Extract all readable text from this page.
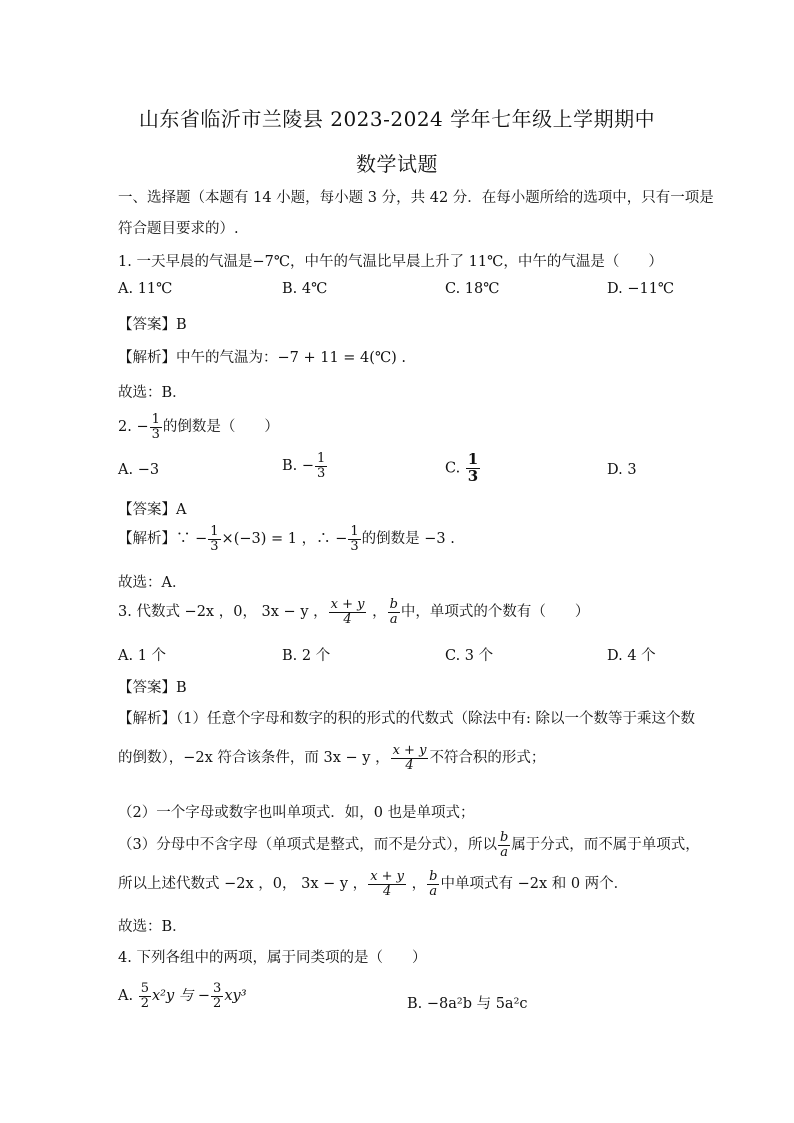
山东省临沂市兰陵县 2023-2024 学年七年级上学期期中
数学试题
一、选择题（本题有 14 小题，每小题 3 分，共 42 分．在每小题所给的选项中，只有一项是
符合题目要求的）.
1. 一天早晨的气温是−7℃，中午的气温比早晨上升了 11℃，中午的气温是（　　）
A. 11℃	B. 4℃	C. 18℃	D. −11℃
【答案】B
【解析】中午的气温为：−7 + 11 = 4(℃) .
故选：B．
2. − $\frac{1}{3}$ 的倒数是（　　）
A. −3	B. − $\frac{1}{3}$	C. $\frac{1}{3}$	D. 3
【答案】A
【解析】∵ − $\frac{1}{3} \times(-3) = 1$ ，∴ − $\frac{1}{3}$ 的倒数是 −3 .
故选：A．
3. 代数式 −2x ，0， 3x − y ， $\frac{x + y}{4}$ ， $\frac{b}{a}$ 中，单项式的个数有（　　）
A. 1 个	B. 2 个	C. 3 个	D. 4 个
【答案】B
【解析】（1）任意个字母和数字的积的形式的代数式（除法中有: 除以一个数等于乘这个数
的倒数），−2x 符合该条件，而 3x − y ， $\frac{x + y}{4}$ 不符合积的形式；
（2）一个字母或数字也叫单项式．如，0 也是单项式；
（3）分母中不含字母（单项式是整式，而不是分式），所以 $\frac{b}{a}$ 属于分式，而不属于单项式，
所以上述代数式 −2x ，0， 3x − y ， $\frac{x + y}{4}$ ， $\frac{b}{a}$ 中单项式有 −2x 和 0 两个．
故选：B．
4. 下列各组中的两项，属于同类项的是（　　）
A. $\frac{5}{2} x^2y$ 与 − $\frac{3}{2} xy^3$	B. −8a²b 与 5a²c
